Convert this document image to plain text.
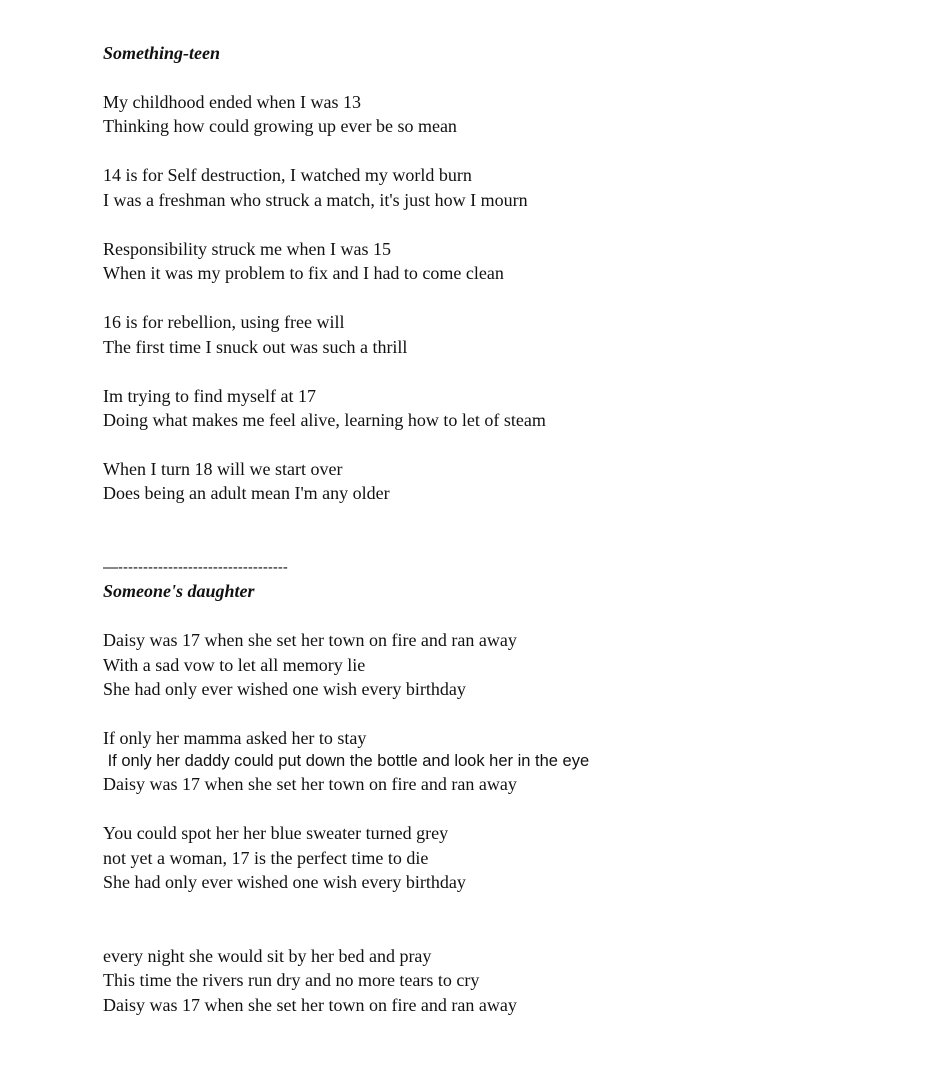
Something-teen
My childhood ended when I was 13
Thinking how could growing up ever be so mean
14 is for Self destruction, I watched my world burn
I was a freshman who struck a match, it's just how I mourn
Responsibility struck me when I was 15
When it was my problem to fix and I had to come clean
16 is for rebellion, using free will
The first time I snuck out was such a thrill
Im trying to find myself at 17
Doing what makes me feel alive, learning how to let of steam
When I turn 18 will we start over
Does being an adult mean I'm any older
—----------------------------------
Someone's daughter
Daisy was 17 when she set her town on fire and ran away
With a sad vow to let all memory lie
She had only ever wished one wish every birthday
If only her mamma asked her to stay
If only her daddy could put down the bottle and look her in the eye
Daisy was 17 when she set her town on fire and ran away
You could spot her her blue sweater turned grey
not yet a woman, 17 is the perfect time to die
She had only ever wished one wish every birthday
every night she would sit by her bed and pray
This time the rivers run dry and no more tears to cry
Daisy was 17 when she set her town on fire and ran away
